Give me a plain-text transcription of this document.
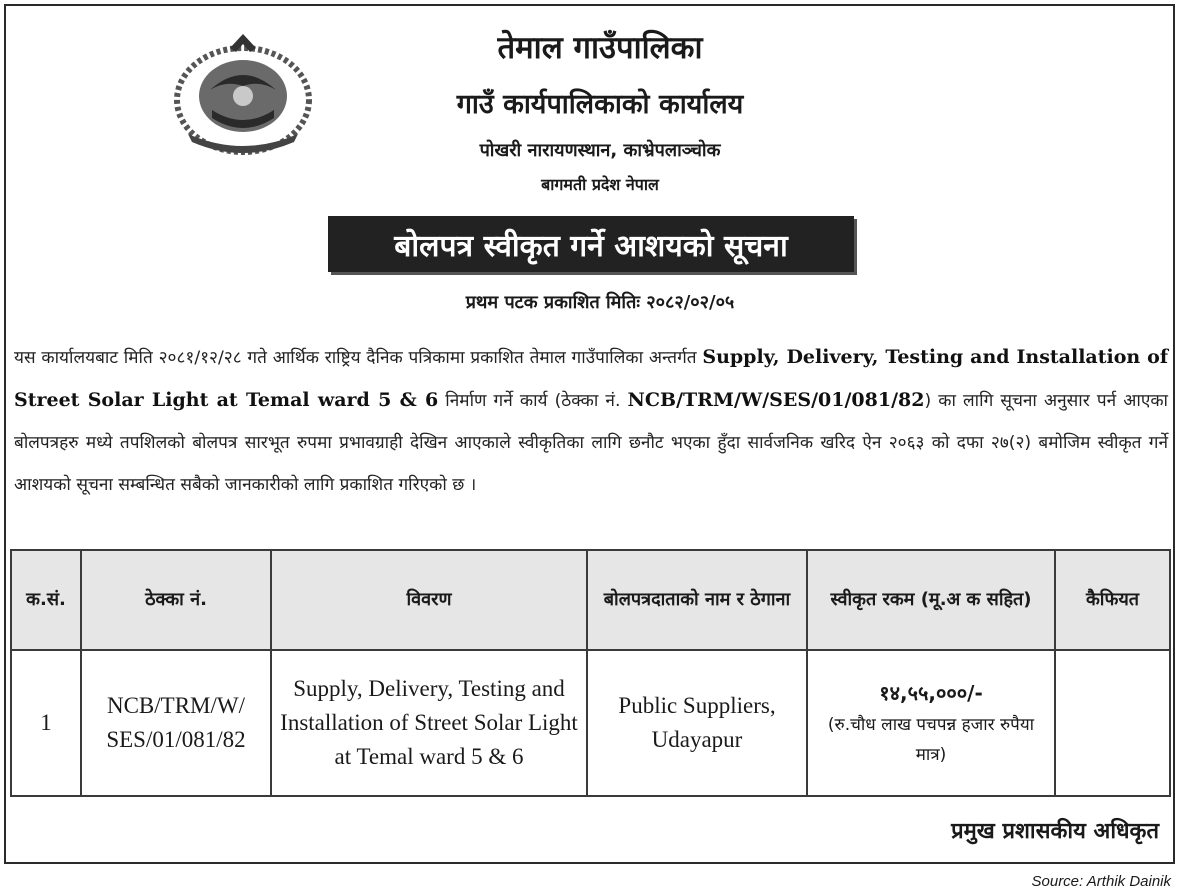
तेमाल गाउँपालिका
गाउँ कार्यपालिकाको कार्यालय
पोखरी नारायणस्थान, काभ्रेपलाञ्चोक
बागमती प्रदेश नेपाल
बोलपत्र स्वीकृत गर्ने आशयको सूचना
प्रथम पटक प्रकाशित मितिः २०८२/०२/०५
यस कार्यालयबाट मिति २०८१/१२/२८ गते आर्थिक राष्ट्रिय दैनिक पत्रिकामा प्रकाशित तेमाल गाउँपालिका अन्तर्गत Supply, Delivery, Testing and Installation of Street Solar Light at Temal ward 5 & 6 निर्माण गर्ने कार्य (ठेक्का नं. NCB/TRM/W/SES/01/081/82) का लागि सूचना अनुसार पर्न आएका बोलपत्रहरु मध्ये तपशिलको बोलपत्र सारभूत रुपमा प्रभावग्राही देखिन आएकाले स्वीकृतिका लागि छनौट भएका हुँदा सार्वजनिक खरिद ऐन २०६३ को दफा २७(२) बमोजिम स्वीकृत गर्ने आशयको सूचना सम्बन्धित सबैको जानकारीको लागि प्रकाशित गरिएको छ ।
क.सं.	ठेक्का नं.	विवरण	बोलपत्रदाताको नाम र ठेगाना	स्वीकृत रकम (मू.अ क सहित)	कैफियत
1	NCB/TRM/W/ SES/01/081/82	Supply, Delivery, Testing and Installation of Street Solar Light at Temal ward 5 & 6	Public Suppliers, Udayapur	१४,५५,०००/-
(रु.चौध लाख पचपन्न हजार रुपैया मात्र)	

प्रमुख प्रशासकीय अधिकृत
Source: Arthik Dainik
